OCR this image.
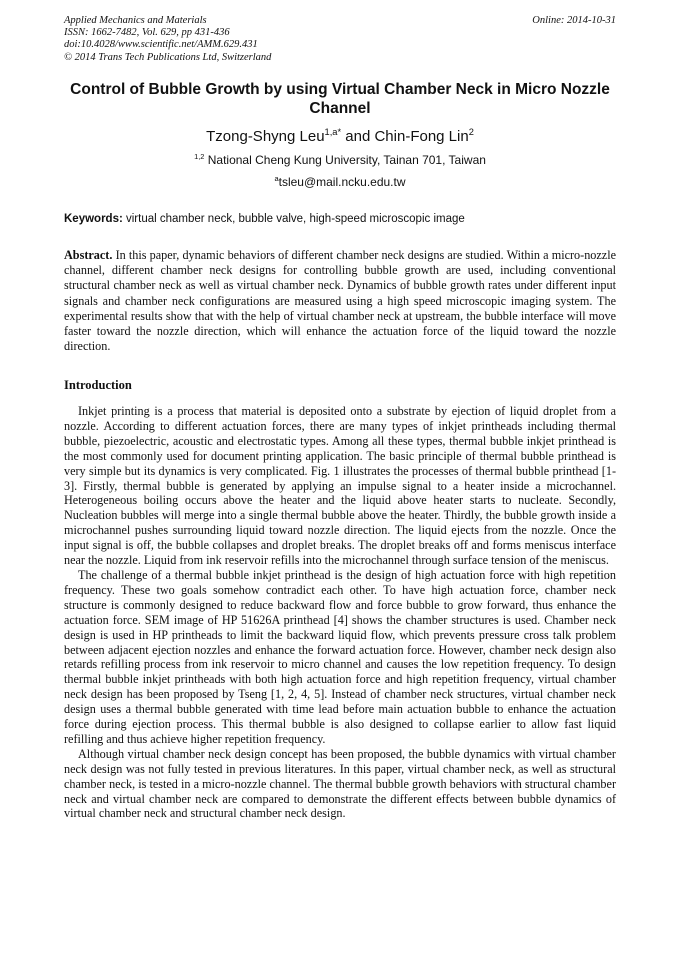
Applied Mechanics and Materials
ISSN: 1662-7482, Vol. 629, pp 431-436
doi:10.4028/www.scientific.net/AMM.629.431
© 2014 Trans Tech Publications Ltd, Switzerland
Online: 2014-10-31
Control of Bubble Growth by using Virtual Chamber Neck in Micro Nozzle Channel
Tzong-Shyng Leu$^{1,a*}$ and Chin-Fong Lin$^2$
$^{1,2}$ National Cheng Kung University, Tainan 701, Taiwan
$^a$tsleu@mail.ncku.edu.tw
Keywords: virtual chamber neck, bubble valve, high-speed microscopic image

Abstract. In this paper, dynamic behaviors of different chamber neck designs are studied. Within a micro-nozzle channel, different chamber neck designs for controlling bubble growth are used, including conventional structural chamber neck as well as virtual chamber neck. Dynamics of bubble growth rates under different input signals and chamber neck configurations are measured using a high speed microscopic imaging system. The experimental results show that with the help of virtual chamber neck at upstream, the bubble interface will move faster toward the nozzle direction, which will enhance the actuation force of the liquid toward the nozzle direction.

Introduction

Inkjet printing is a process that material is deposited onto a substrate by ejection of liquid droplet from a nozzle. According to different actuation forces, there are many types of inkjet printheads including thermal bubble, piezoelectric, acoustic and electrostatic types. Among all these types, thermal bubble inkjet printhead is the most commonly used for document printing application. The basic principle of thermal bubble printhead is very simple but its dynamics is very complicated. Fig. 1 illustrates the processes of thermal bubble printhead [1-3]. Firstly, thermal bubble is generated by applying an impulse signal to a heater inside a microchannel. Heterogeneous boiling occurs above the heater and the liquid above heater starts to nucleate. Secondly, Nucleation bubbles will merge into a single thermal bubble above the heater. Thirdly, the bubble growth inside a microchannel pushes surrounding liquid toward nozzle direction. The liquid ejects from the nozzle. Once the input signal is off, the bubble collapses and droplet breaks. The droplet breaks off and forms meniscus interface near the nozzle. Liquid from ink reservoir refills into the microchannel through surface tension of the meniscus.

The challenge of a thermal bubble inkjet printhead is the design of high actuation force with high repetition frequency. These two goals somehow contradict each other. To have high actuation force, chamber neck structure is commonly designed to reduce backward flow and force bubble to grow forward, thus enhance the actuation force. SEM image of HP 51626A printhead [4] shows the chamber structures is used. Chamber neck design is used in HP printheads to limit the backward liquid flow, which prevents pressure cross talk problem between adjacent ejection nozzles and enhance the forward actuation force. However, chamber neck design also retards refilling process from ink reservoir to micro channel and causes the low repetition frequency. To design thermal bubble inkjet printheads with both high actuation force and high repetition frequency, virtual chamber neck design has been proposed by Tseng [1, 2, 4, 5]. Instead of chamber neck structures, virtual chamber neck design uses a thermal bubble generated with time lead before main actuation bubble to enhance the actuation force during ejection process. This thermal bubble is also designed to collapse earlier to allow fast liquid refilling and thus achieve higher repetition frequency.

Although virtual chamber neck design concept has been proposed, the bubble dynamics with virtual chamber neck design was not fully tested in previous literatures. In this paper, virtual chamber neck, as well as structural chamber neck, is tested in a micro-nozzle channel. The thermal bubble growth behaviors with structural chamber neck and virtual chamber neck are compared to demonstrate the different effects between bubble dynamics of virtual chamber neck and structural chamber neck design.
